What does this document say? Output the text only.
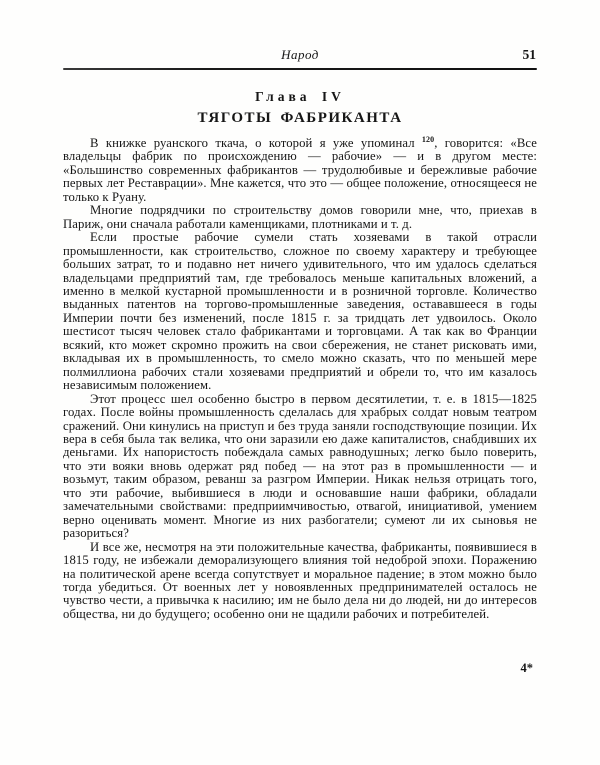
Народ	51
Глава IV
ТЯГОТЫ ФАБРИКАНТА

В книжке руанского ткача, о которой я уже упоминал $^{120}$, говорится: «Все владельцы фабрик по происхождению — рабочие» — и в другом месте: «Большинство современных фабрикантов — трудолюбивые и бережливые рабочие первых лет Реставрации». Мне кажется, что это — общее положение, относящееся не только к Руану.

Многие подрядчики по строительству домов говорили мне, что, приехав в Париж, они сначала работали каменщиками, плотниками и т. д.

Если простые рабочие сумели стать хозяевами в такой отрасли промышленности, как строительство, сложное по своему характеру и требующее больших затрат, то и подавно нет ничего удивительного, что им удалось сделаться владельцами предприятий там, где требовалось меньше капитальных вложений, а именно в мелкой кустарной промышленности и в розничной торговле. Количество выданных патентов на торгово-промышленные заведения, остававшееся в годы Империи почти без изменений, после 1815 г. за тридцать лет удвоилось. Около шестисот тысяч человек стало фабрикантами и торговцами. А так как во Франции всякий, кто может скромно прожить на свои сбережения, не станет рисковать ими, вкладывая их в промышленность, то смело можно сказать, что по меньшей мере полмиллиона рабочих стали хозяевами предприятий и обрели то, что им казалось независимым положением.

Этот процесс шел особенно быстро в первом десятилетии, т. е. в 1815—1825 годах. После войны промышленность сделалась для храбрых солдат новым театром сражений. Они кинулись на приступ и без труда заняли господствующие позиции. Их вера в себя была так велика, что они заразили ею даже капиталистов, снабдивших их деньгами. Их напористость побеждала самых равнодушных; легко было поверить, что эти вояки вновь одержат ряд побед — на этот раз в промышленности — и возьмут, таким образом, реванш за разгром Империи. Никак нельзя отрицать того, что эти рабочие, выбившиеся в люди и основавшие наши фабрики, обладали замечательными свойствами: предприимчивостью, отвагой, инициативой, умением верно оценивать момент. Многие из них разбогатели; сумеют ли их сыновья не разориться?

И все же, несмотря на эти положительные качества, фабриканты, появившиеся в 1815 году, не избежали деморализующего влияния той недоброй эпохи. Поражению на политической арене всегда сопутствует и моральное падение; в этом можно было тогда убедиться. От военных лет у новоявленных предпринимателей осталось не чувство чести, а привычка к насилию; им не было дела ни до людей, ни до интересов общества, ни до будущего; особенно они не щадили рабочих и потребителей.

4*
